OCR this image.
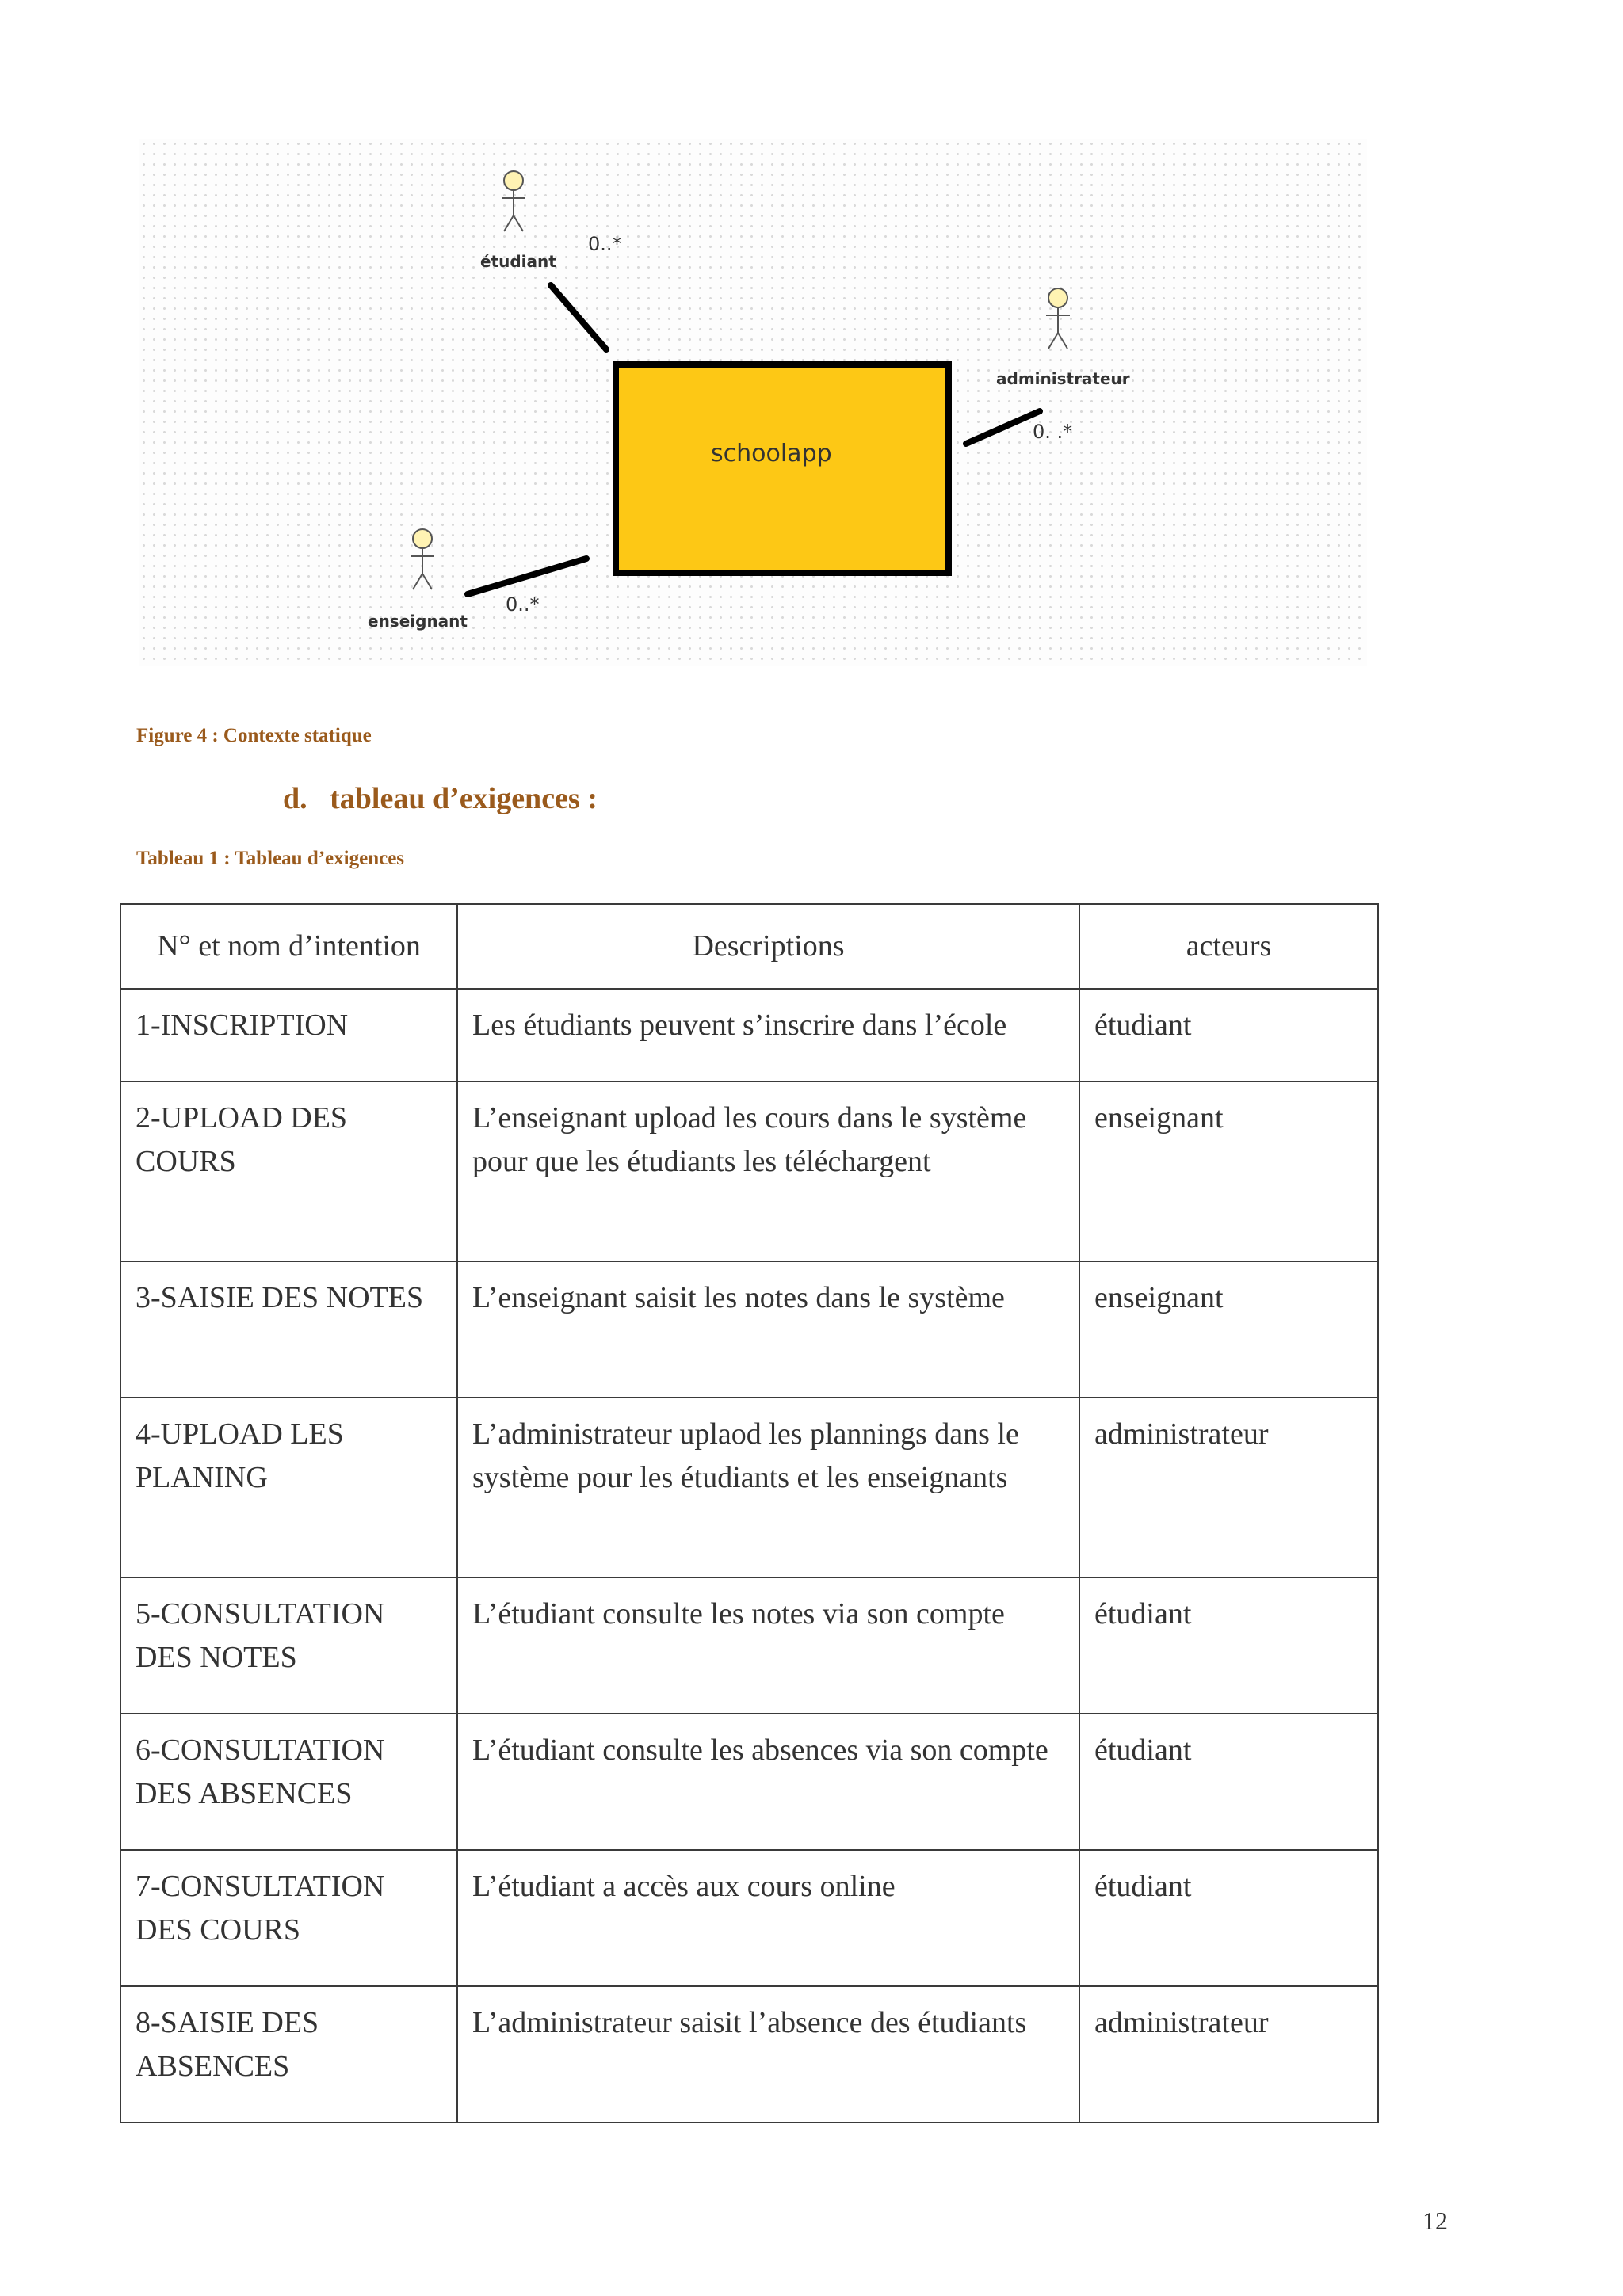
schoolapp
étudiant
administrateur
enseignant
0..*
0. .*
0..*
Figure 4 : Contexte statique
d.   tableau d’exigences :
Tableau 1 : Tableau d’exigences
N° et nom d’intention	Descriptions	acteurs
1-INSCRIPTION	Les étudiants peuvent s’inscrire dans l’école	étudiant
2-UPLOAD DES COURS	L’enseignant upload les cours dans le système pour que les étudiants les téléchargent	enseignant
3-SAISIE DES NOTES	L’enseignant saisit les notes dans le système	enseignant
4-UPLOAD LES PLANING	L’administrateur uplaod les plannings dans le système pour les étudiants et les enseignants	administrateur
5-CONSULTATION DES NOTES	L’étudiant consulte les notes via son compte	étudiant
6-CONSULTATION DES ABSENCES	L’étudiant consulte les absences via son compte	étudiant
7-CONSULTATION DES COURS	L’étudiant a accès aux cours online	étudiant
8-SAISIE DES ABSENCES	L’administrateur saisit l’absence des étudiants	administrateur
12
